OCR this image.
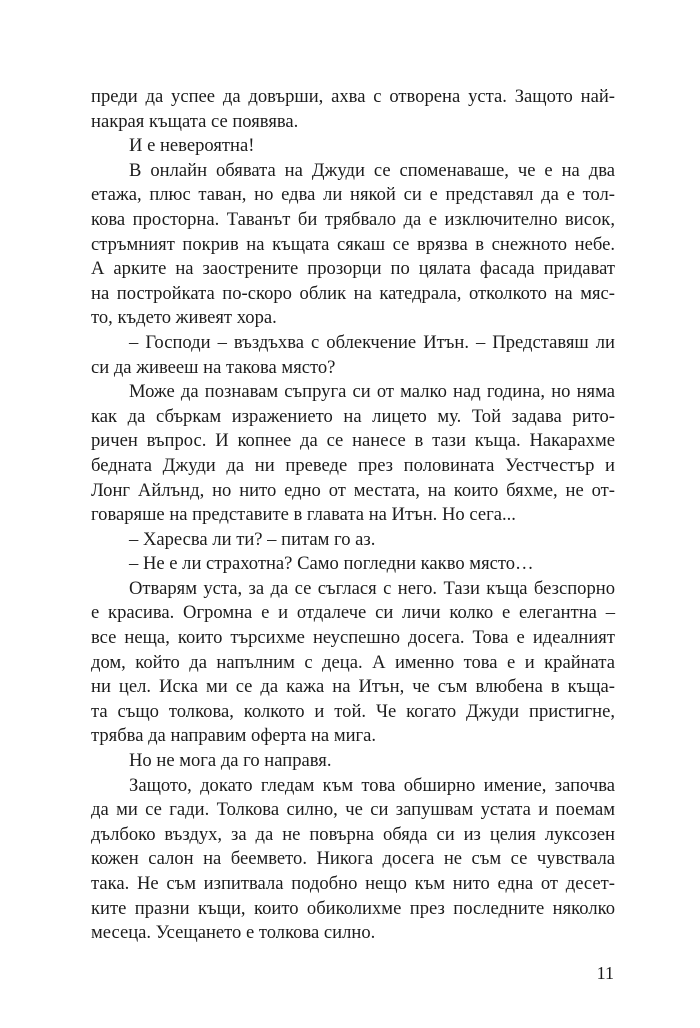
преди да успее да довърши, ахва с отворена уста. Защото най-
накрая къщата се появява.
И е невероятна!
В онлайн обявата на Джуди се споменаваше, че е на два
етажа, плюс таван, но едва ли някой си е представял да е тол-
кова просторна. Таванът би трябвало да е изключително висок,
стръмният покрив на къщата сякаш се врязва в снежното небе.
А арките на заострените прозорци по цялата фасада придават
на постройката по-скоро облик на катедрала, отколкото на мяс-
то, където живеят хора.
– Господи – въздъхва с облекчение Итън. – Представяш ли
си да живееш на такова място?
Може да познавам съпруга си от малко над година, но няма
как да сбъркам изражението на лицето му. Той задава рито-
ричен въпрос. И копнее да се нанесе в тази къща. Накарахме
бедната Джуди да ни преведе през половината Уестчестър и
Лонг Айлънд, но нито едно от местата, на които бяхме, не от-
говаряше на представите в главата на Итън. Но сега...
– Харесва ли ти? – питам го аз.
– Не е ли страхотна? Само погледни какво място…
Отварям уста, за да се съглася с него. Тази къща безспорно
е красива. Огромна е и отдалече си личи колко е елегантна –
все неща, които търсихме неуспешно досега. Това е идеалният
дом, който да напълним с деца. А именно това е и крайната
ни цел. Искa ми се да кажа на Итън, че съм влюбена в къща-
та също толкова, колкото и той. Че когато Джуди пристигне,
трябва да направим оферта на мига.
Но не мога да го направя.
Защото, докато гледам към това обширно имение, започва
да ми се гади. Толкова силно, че си запушвам устата и поемам
дълбоко въздух, за да не повърна обяда си из целия луксозен
кожен салон на беемвето. Никога досега не съм се чувствала
така. Не съм изпитвала подобно нещо към нито една от десет-
ките празни къщи, които обиколихме през последните няколко
месеца. Усещането е толкова силно.
11
